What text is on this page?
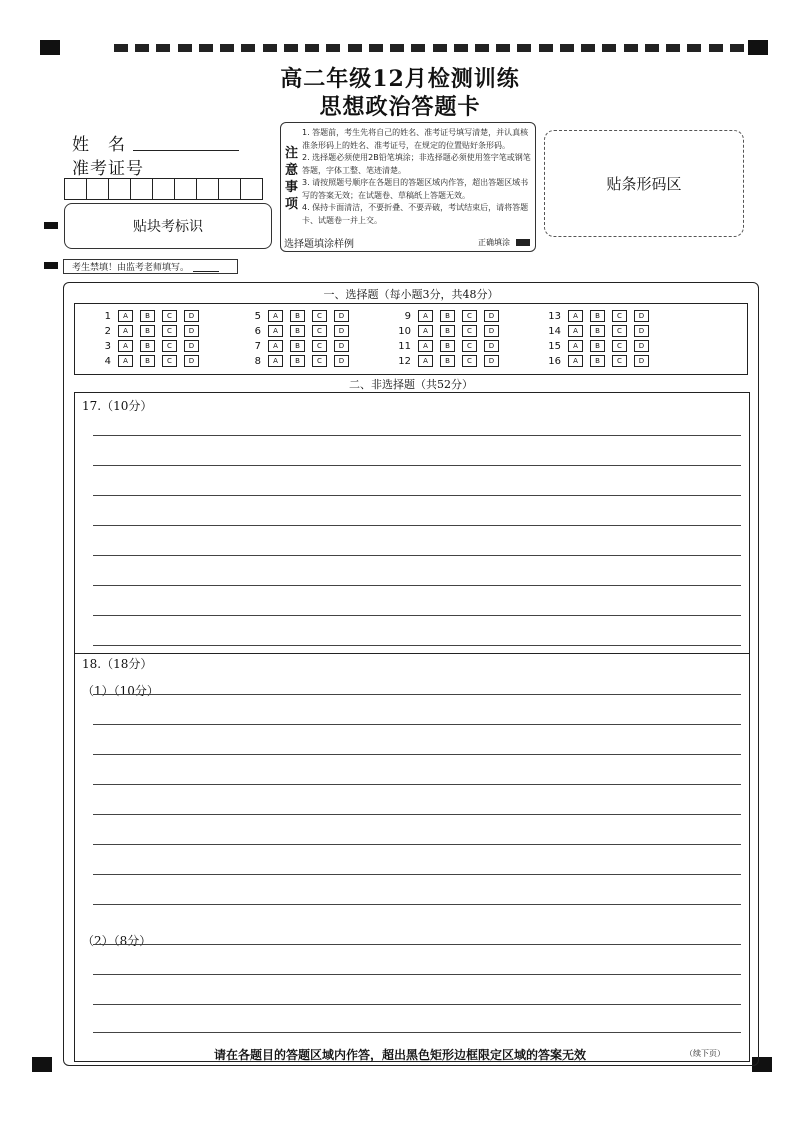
高二年级12月检测训练
思想政治答题卡
姓　名
准考证号
贴块考标识
注意事项
1. 答题前，考生先将自己的姓名、准考证号填写清楚，并认真核准条形码上的姓名、准考证号，在规定的位置贴好条形码。
2. 选择题必须使用2B铅笔填涂；非选择题必须使用签字笔或钢笔答题，字体工整、笔迹清楚。
3. 请按照题号顺序在各题目的答题区域内作答，超出答题区域书写的答案无效；在试题卷、草稿纸上答题无效。
4. 保持卡面清洁，不要折叠、不要弄破，考试结束后，请将答题卡、试题卷一并上交。
选择题填涂样例	正确填涂
贴条形码区
考生禁填！由监考老师填写。
一、选择题（每小题3分，共48分）
1	A	B	C	D
2	A	B	C	D
3	A	B	C	D
4	A	B	C	D
5	A	B	C	D
6	A	B	C	D
7	A	B	C	D
8	A	B	C	D
9	A	B	C	D
10	A	B	C	D
11	A	B	C	D
12	A	B	C	D
13	A	B	C	D
14	A	B	C	D
15	A	B	C	D
16	A	B	C	D
二、非选择题（共52分）
17.（10分）
18.（18分）
（1）（10分）
（2）（8分）
（续下页）
请在各题目的答题区域内作答，超出黑色矩形边框限定区域的答案无效
